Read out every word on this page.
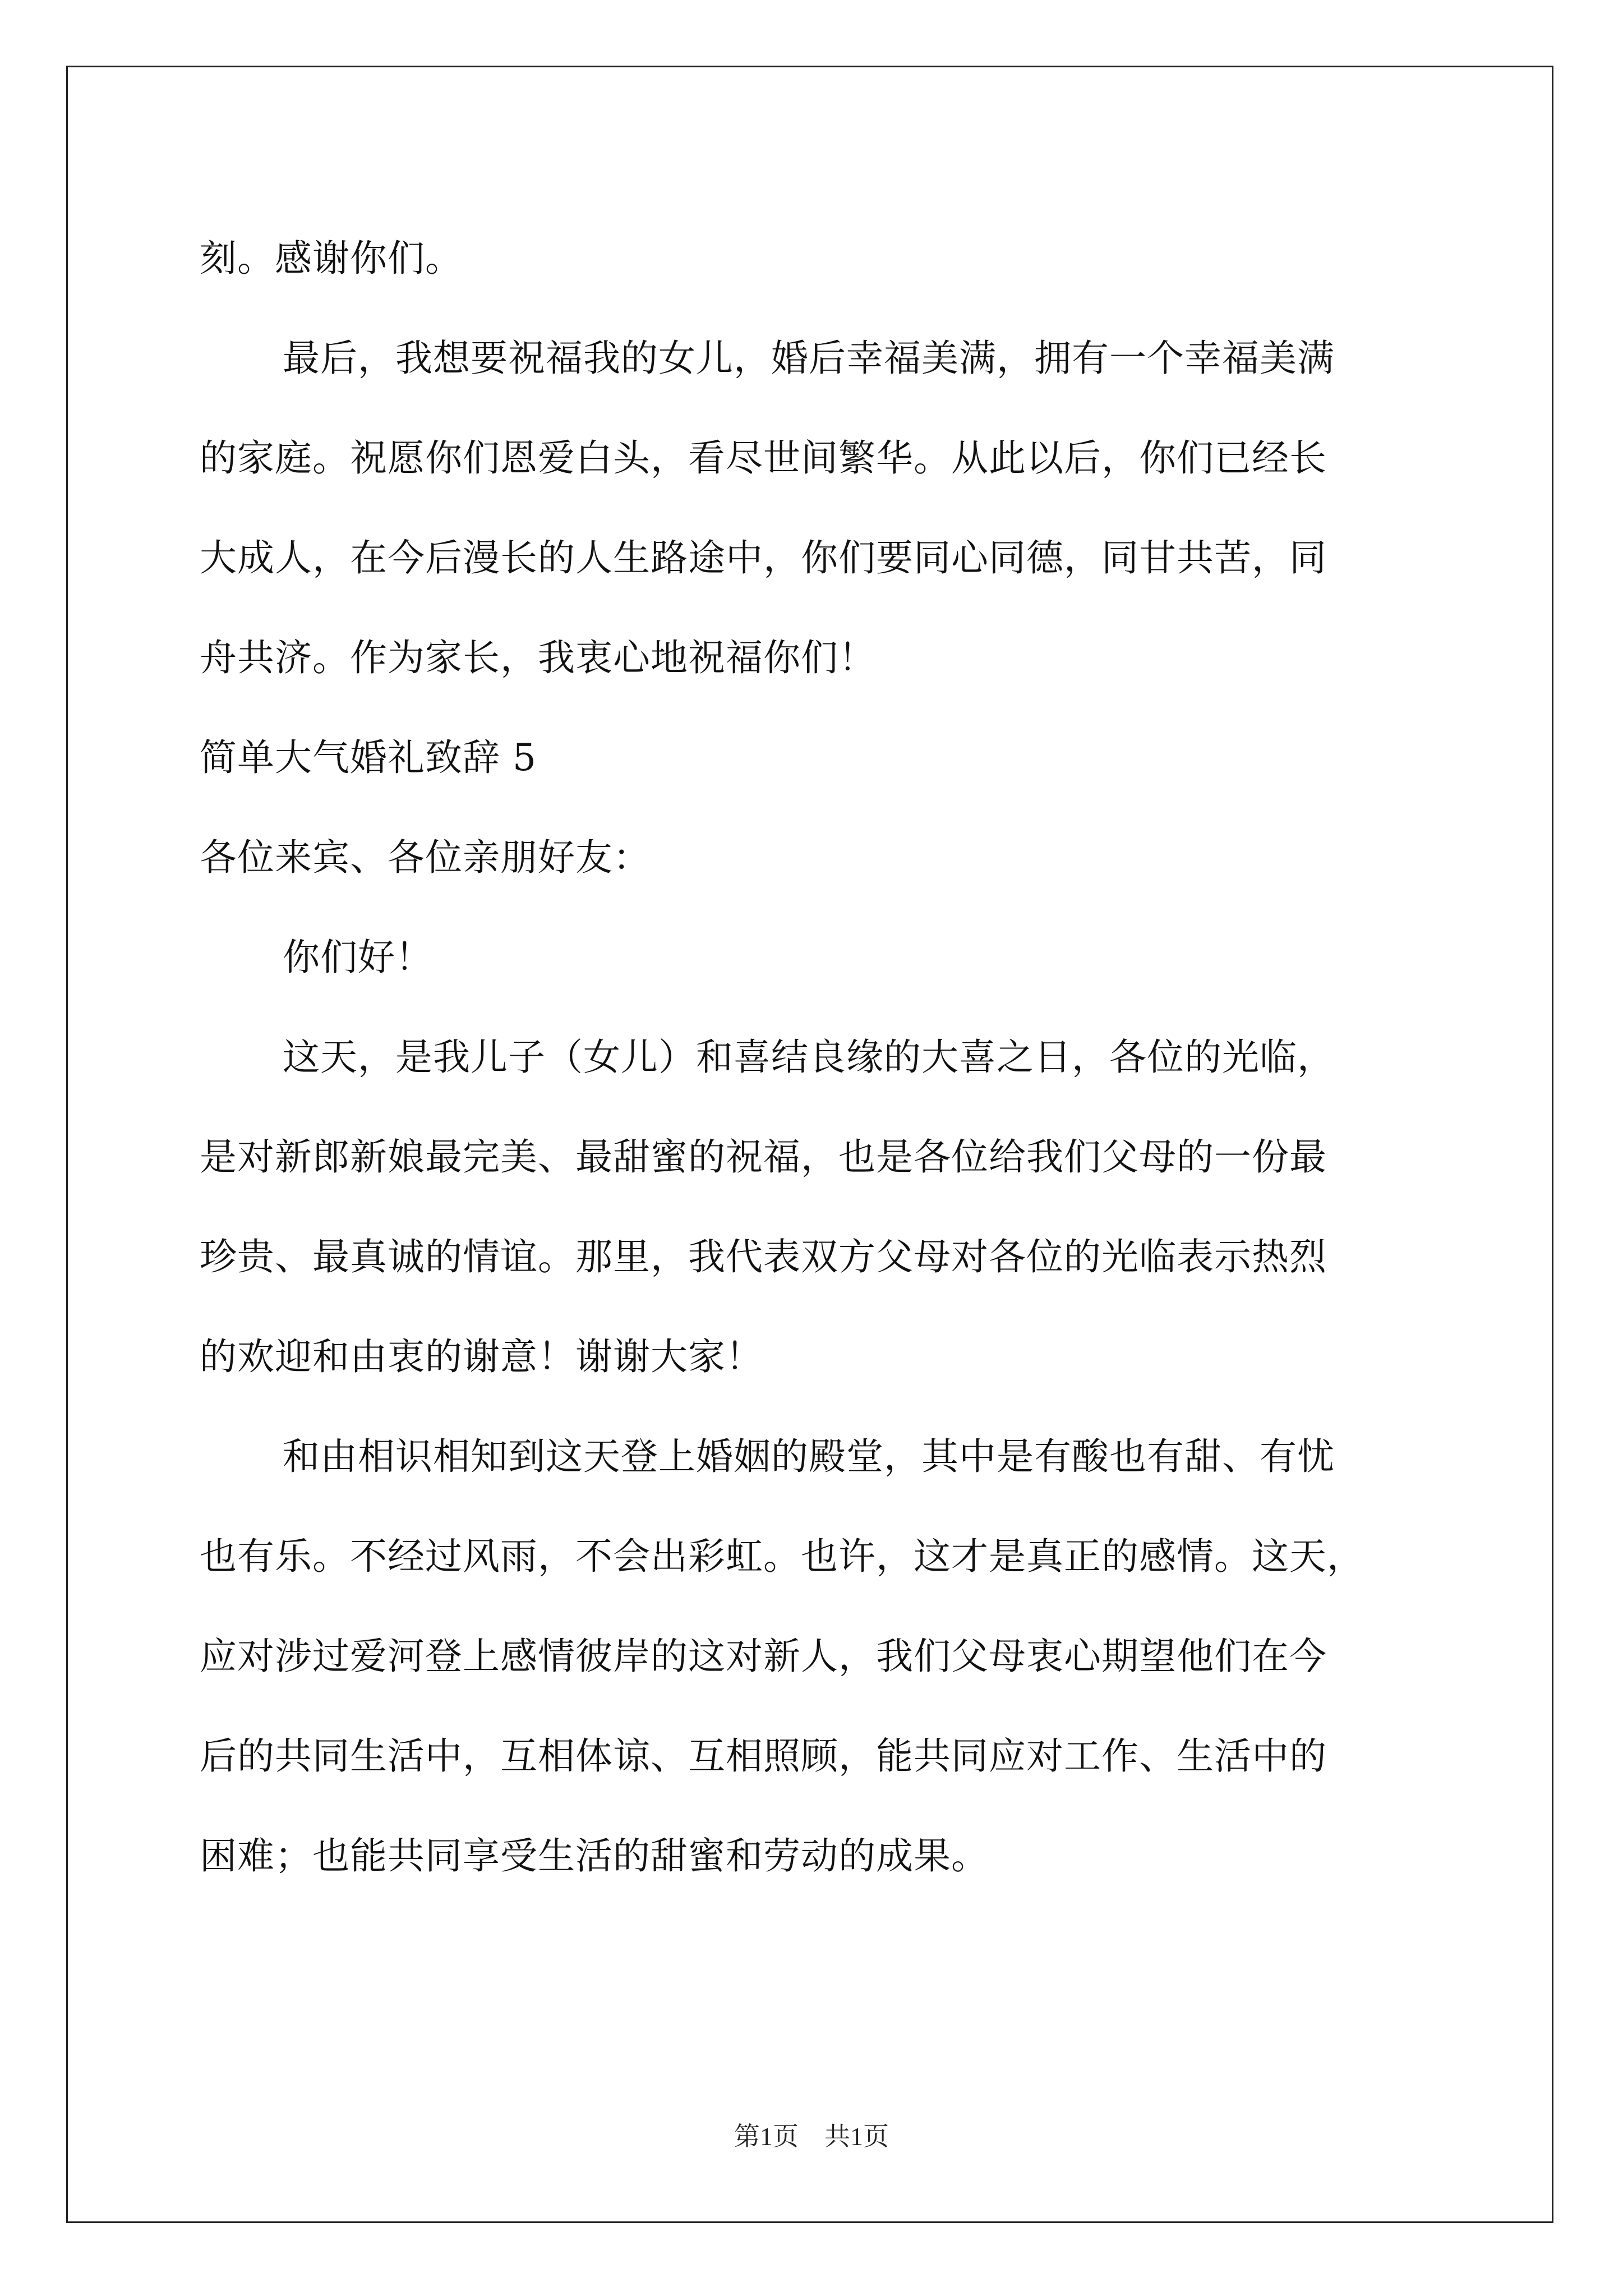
刻。感谢你们。
最后，我想要祝福我的女儿，婚后幸福美满，拥有一个幸福美满
的家庭。祝愿你们恩爱白头，看尽世间繁华。从此以后，你们已经长
大成人，在今后漫长的人生路途中，你们要同心同德，同甘共苦，同
舟共济。作为家长，我衷心地祝福你们！
简单大气婚礼致辞 5
各位来宾、各位亲朋好友：
你们好！
这天，是我儿子（女儿）和喜结良缘的大喜之日，各位的光临，
是对新郎新娘最完美、最甜蜜的祝福，也是各位给我们父母的一份最
珍贵、最真诚的情谊。那里，我代表双方父母对各位的光临表示热烈
的欢迎和由衷的谢意！谢谢大家！
和由相识相知到这天登上婚姻的殿堂，其中是有酸也有甜、有忧
也有乐。不经过风雨，不会出彩虹。也许，这才是真正的感情。这天，
应对涉过爱河登上感情彼岸的这对新人，我们父母衷心期望他们在今
后的共同生活中，互相体谅、互相照顾，能共同应对工作、生活中的
困难；也能共同享受生活的甜蜜和劳动的成果。
第1页　共1页
